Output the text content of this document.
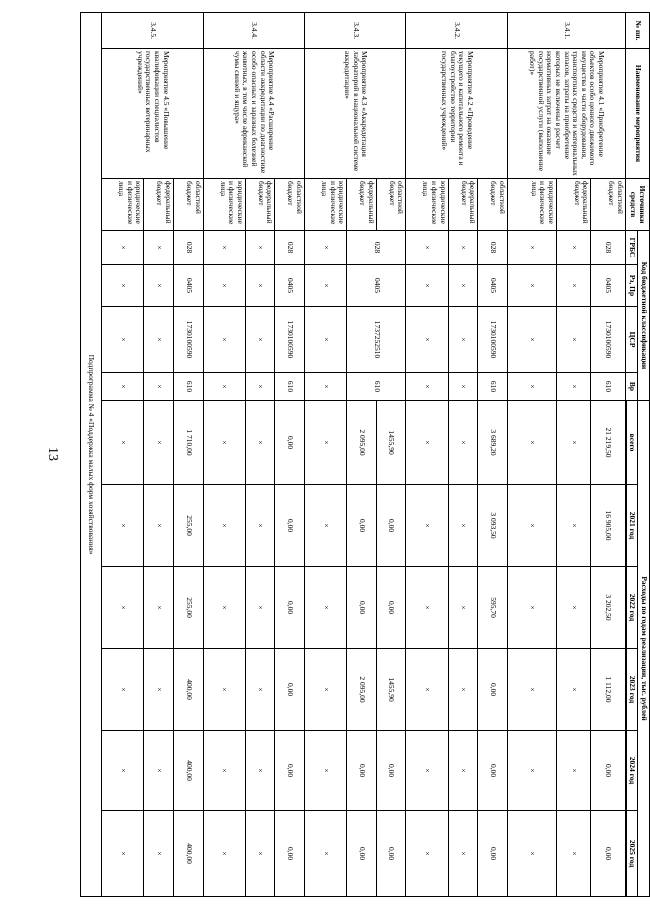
13
№ пп.	Наименование мероприятия	Источники средств	Код бюджетной классификации				Расходы по годам реализации, тыс. рублей					
			ГРБС	Рз, Пр	ЦСР	Вр	всего	2021 год	2022 год	2023 год	2024 год	2025 год

3.4.1.	Мероприятие 4.1 «Приобретение объектов особо ценного движимого имущества в части оборудования, транспортных средств и материальных запасов, затраты на приобретение которых не включены в расчет нормативных затрат на оказание государственной услуги (выполнение работ)»	областной бюджет	028	0405	1730100590	610	21 219,50	16 905,00	3 202,50	1 112,00	0,00	0,00
		федеральный бюджет	×	×	×	×	×	×	×	×	×	×
		юридические и физические лица	×	×	×	×	×	×	×	×	×	×
3.4.2.	Мероприятие 4.2 «Проведение текущего и капитального ремонта и благоустройство территории государственных учреждений»	областной бюджет	028	0405	1730100590	610	3 689,20	3 093,50	595,70	0,00	0,00	0,00
		федеральный бюджет	×	×	×	×	×	×	×	×	×	×
		юридические и физические лица	×	×	×	×	×	×	×	×	×	×
3.4.3.	Мероприятие 4.3 «Аккредитация лабораторий в национальной системе аккредитации»	областной бюджет	028	0405	1737252510	610	1455,90	0,00	0,00	1455,90	0,00	0,00
		федеральный бюджет					2 095,00	0,00	0,00	2 095,00	0,00	0,00
		юридические и физические лица	×	×	×	×	×	×	×	×	×	×
3.4.4.	Мероприятие 4.4 «Расширение области аккредитации по диагностике особо опасных и заразных болезней животных, в том числе африканской чумы свиней и ящура»	областной бюджет	028	0405	1730100590	610	0,00	0,00	0,00	0,00	0,00	0,00
		федеральный бюджет	×	×	×	×	×	×	×	×	×	×
		юридические и физические лица	×	×	×	×	×	×	×	×	×	×
3.4.5.	Мероприятие 4.5 «Повышение квалификации специалистов государственных ветеринарных учреждений»	областной бюджет	028	0405	1730100590	610	1 710,00	255,00	255,00	400,00	400,00	400,00
		федеральный бюджет	×	×	×	×	×	×	×	×	×	×
		юридические и физические лица	×	×	×	×	×	×	×	×	×	×
Подпрограмма № 4 «Поддержка малых форм хозяйствования»												
